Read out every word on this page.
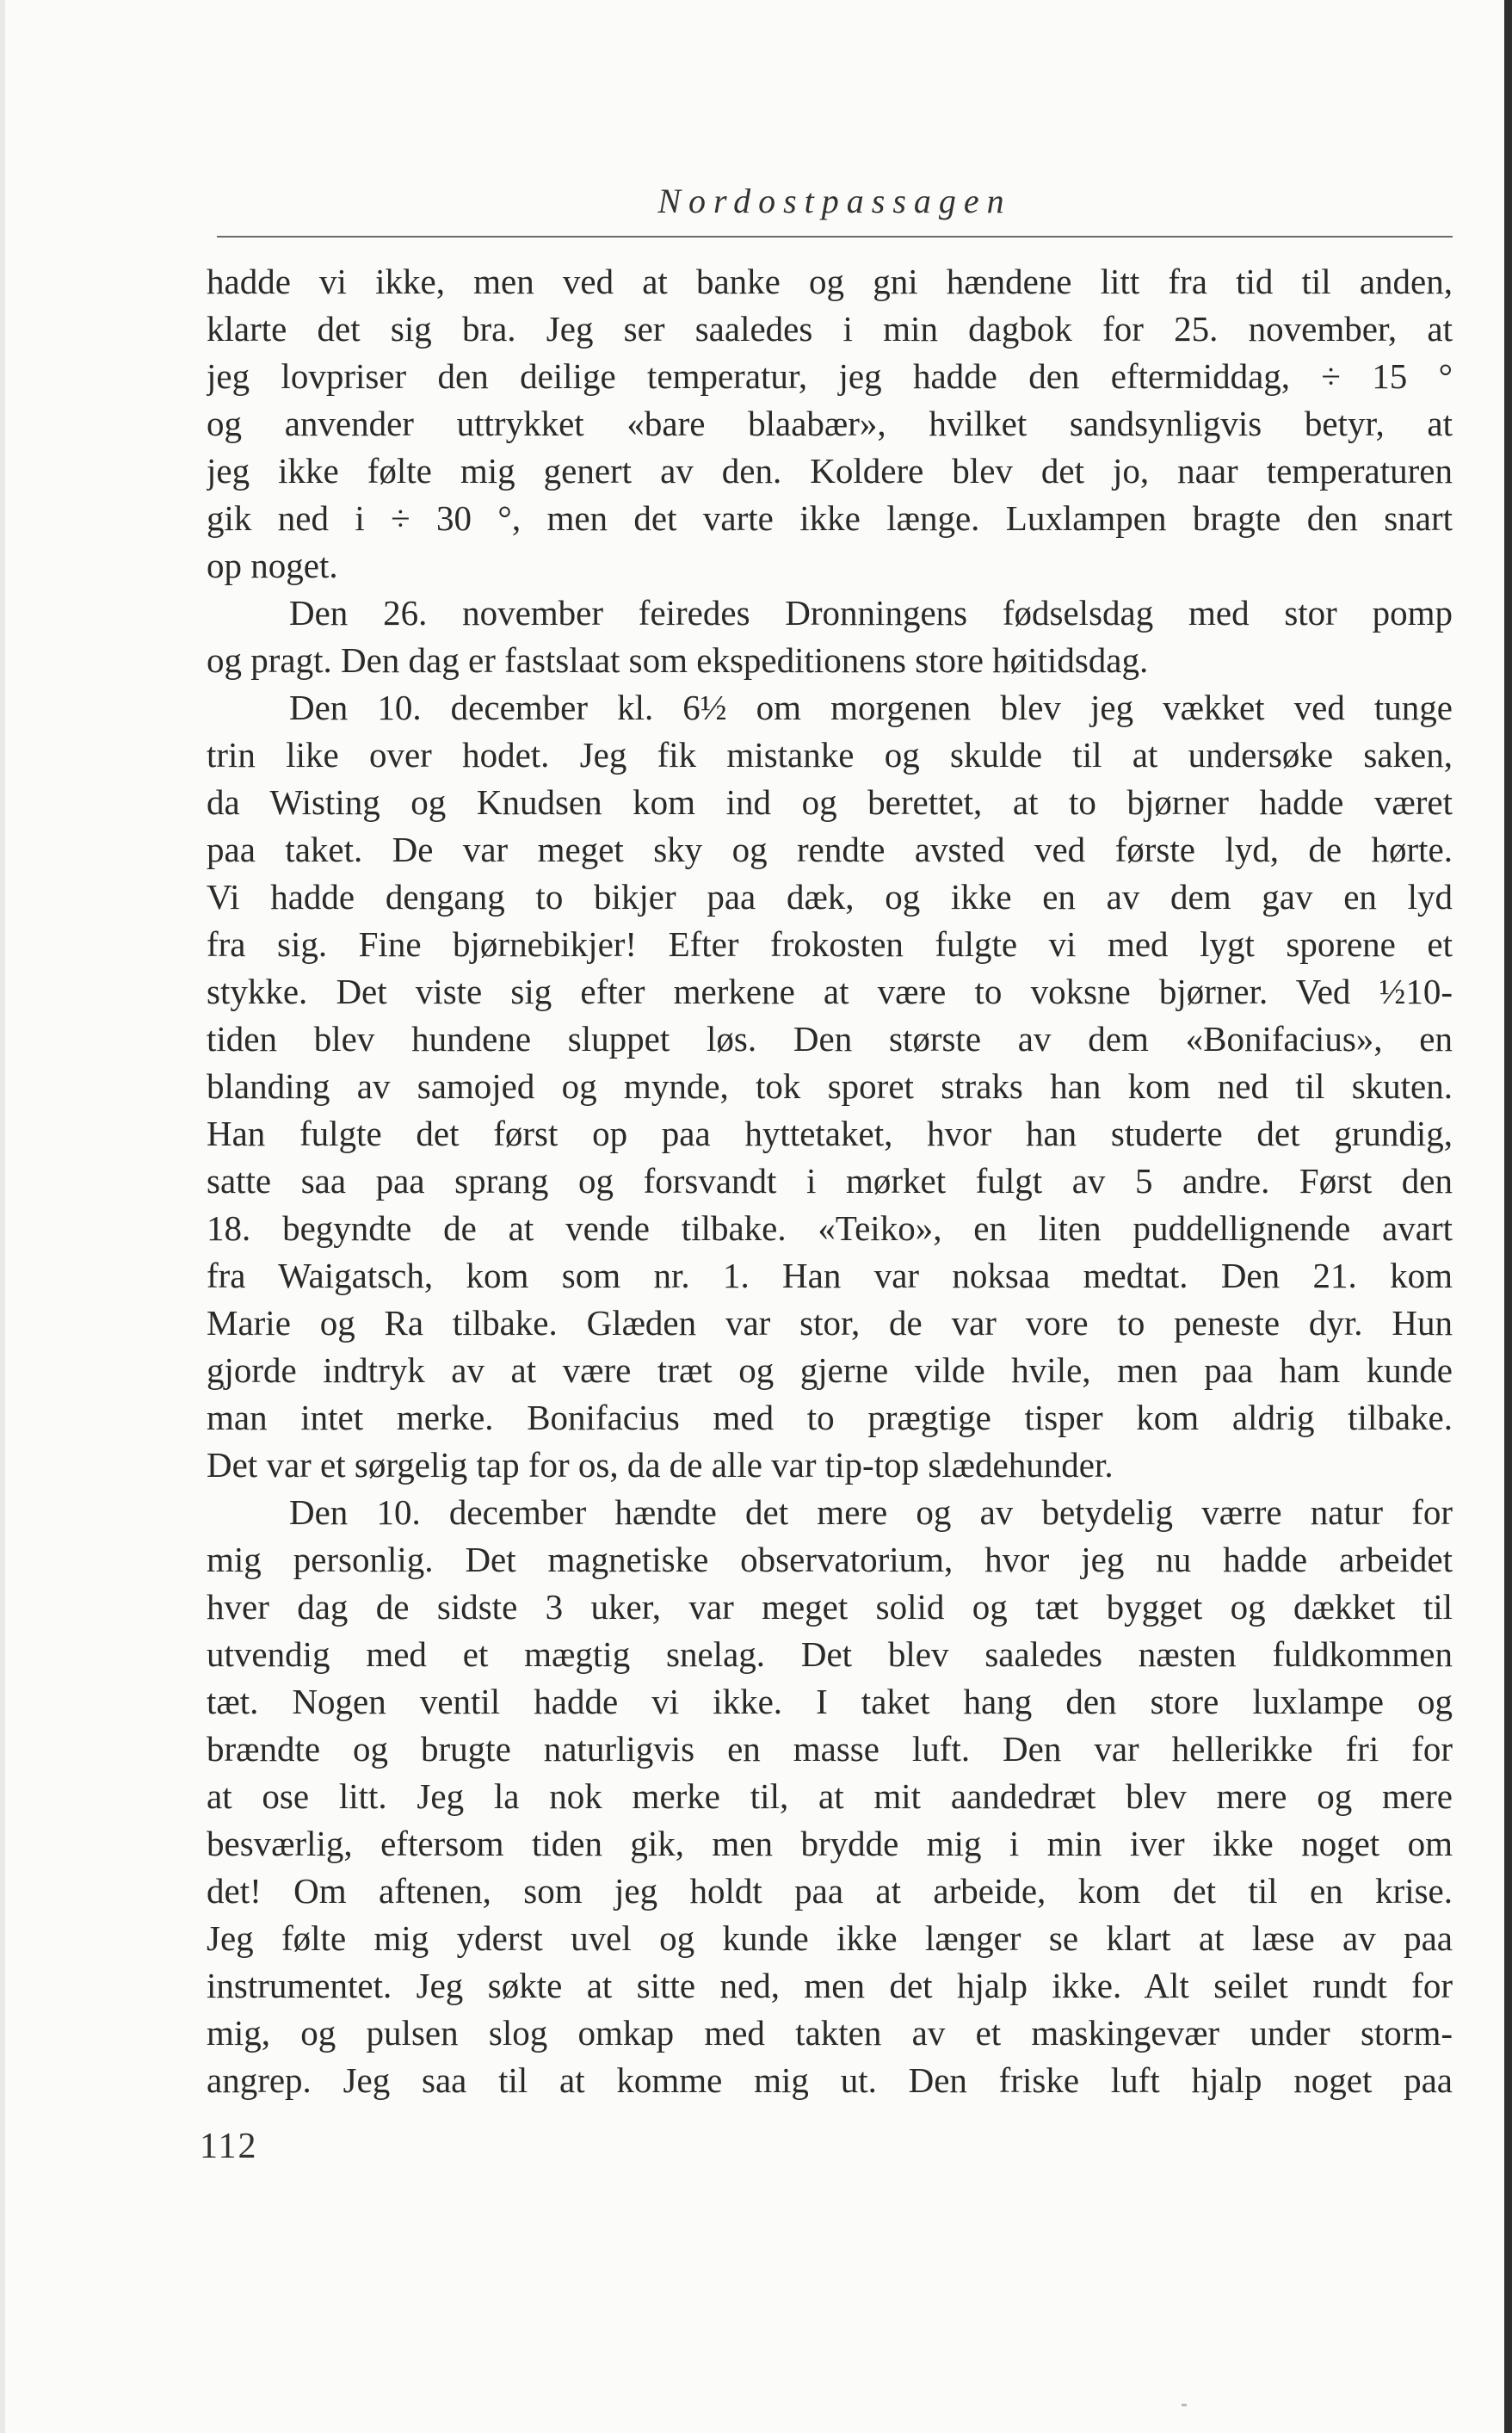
Nordostpassagen
hadde vi ikke, men ved at banke og gni hændene litt fra tid til anden,
klarte det sig bra. Jeg ser saaledes i min dagbok for 25. november, at
jeg lovpriser den deilige temperatur, jeg hadde den eftermiddag, ÷ 15 °
og anvender uttrykket «bare blaabær», hvilket sandsynligvis betyr, at
jeg ikke følte mig genert av den. Koldere blev det jo, naar temperaturen
gik ned i ÷ 30 °, men det varte ikke længe. Luxlampen bragte den snart
op noget.
Den 26. november feiredes Dronningens fødselsdag med stor pomp
og pragt. Den dag er fastslaat som ekspeditionens store høitidsdag.
Den 10. december kl. 6½ om morgenen blev jeg vækket ved tunge
trin like over hodet. Jeg fik mistanke og skulde til at undersøke saken,
da Wisting og Knudsen kom ind og berettet, at to bjørner hadde været
paa taket. De var meget sky og rendte avsted ved første lyd, de hørte.
Vi hadde dengang to bikjer paa dæk, og ikke en av dem gav en lyd
fra sig. Fine bjørnebikjer! Efter frokosten fulgte vi med lygt sporene et
stykke. Det viste sig efter merkene at være to voksne bjørner. Ved ½10-
tiden blev hundene sluppet løs. Den største av dem «Bonifacius», en
blanding av samojed og mynde, tok sporet straks han kom ned til skuten.
Han fulgte det først op paa hyttetaket, hvor han studerte det grundig,
satte saa paa sprang og forsvandt i mørket fulgt av 5 andre. Først den
18. begyndte de at vende tilbake. «Teiko», en liten puddellignende avart
fra Waigatsch, kom som nr. 1. Han var noksaa medtat. Den 21. kom
Marie og Ra tilbake. Glæden var stor, de var vore to peneste dyr. Hun
gjorde indtryk av at være træt og gjerne vilde hvile, men paa ham kunde
man intet merke. Bonifacius med to prægtige tisper kom aldrig tilbake.
Det var et sørgelig tap for os, da de alle var tip-top slædehunder.
Den 10. december hændte det mere og av betydelig værre natur for
mig personlig. Det magnetiske observatorium, hvor jeg nu hadde arbeidet
hver dag de sidste 3 uker, var meget solid og tæt bygget og dækket til
utvendig med et mægtig snelag. Det blev saaledes næsten fuldkommen
tæt. Nogen ventil hadde vi ikke. I taket hang den store luxlampe og
brændte og brugte naturligvis en masse luft. Den var hellerikke fri for
at ose litt. Jeg la nok merke til, at mit aandedræt blev mere og mere
besværlig, eftersom tiden gik, men brydde mig i min iver ikke noget om
det! Om aftenen, som jeg holdt paa at arbeide, kom det til en krise.
Jeg følte mig yderst uvel og kunde ikke længer se klart at læse av paa
instrumentet. Jeg søkte at sitte ned, men det hjalp ikke. Alt seilet rundt for
mig, og pulsen slog omkap med takten av et maskingevær under storm-
angrep. Jeg saa til at komme mig ut. Den friske luft hjalp noget paa
112
